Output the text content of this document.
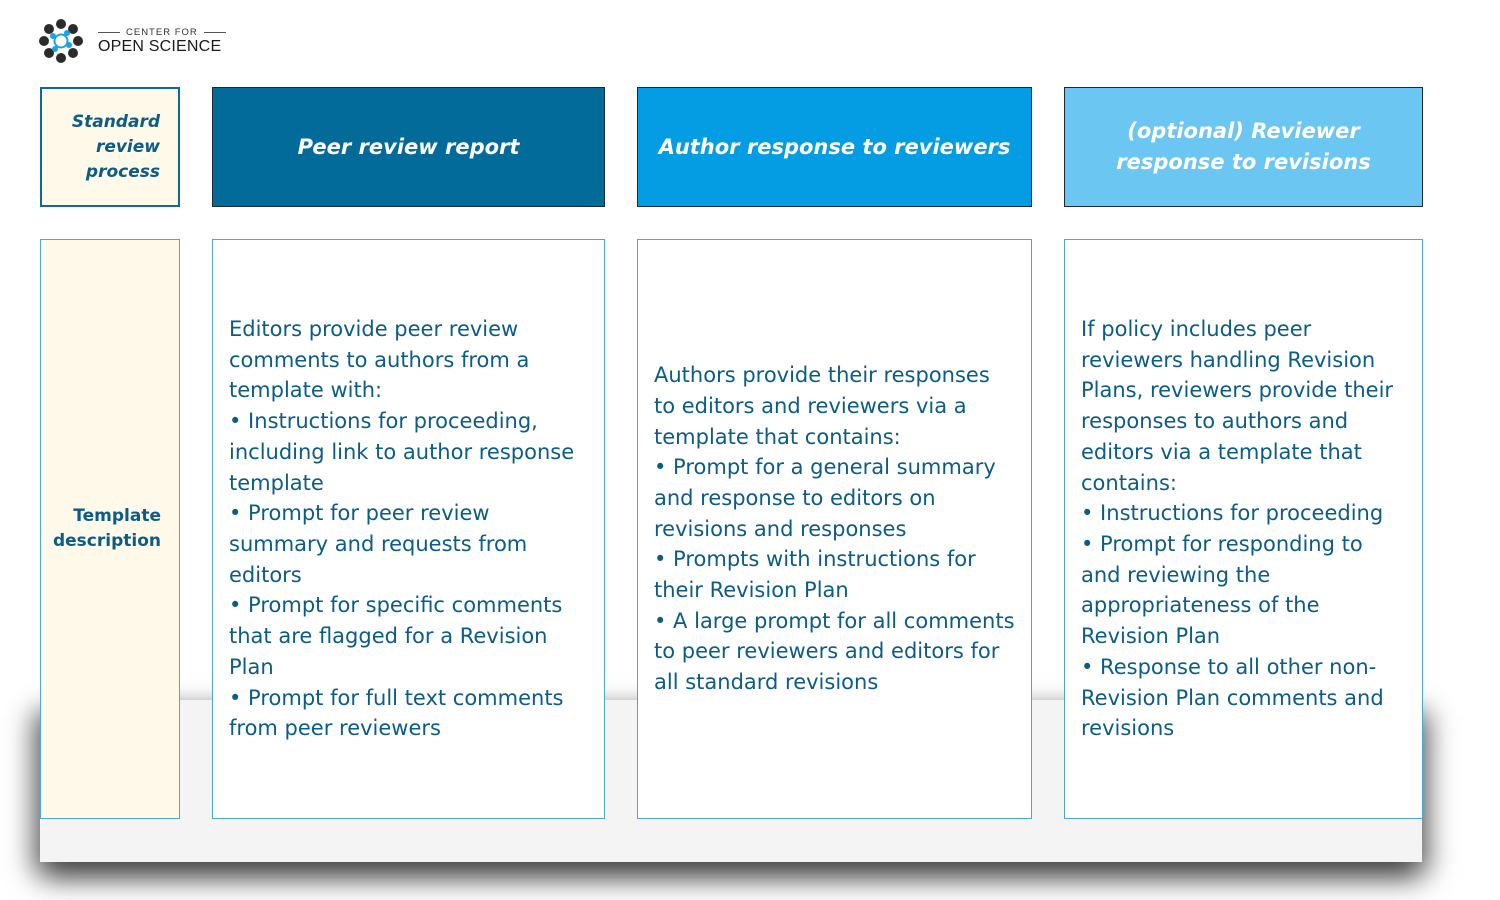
CENTER FOR
OPEN SCIENCE
Standard review process
Peer review report	Author response to reviewers
(optional) Reviewer response to revisions
Template description

Editors provide peer review comments to authors from a template with:

• Instructions for proceeding, including link to author response template

• Prompt for peer review summary and requests from editors

• Prompt for specific comments that are flagged for a Revision Plan

• Prompt for full text comments from peer reviewers

Authors provide their responses to editors and reviewers via a template that contains:

• Prompt for a general summary and response to editors on revisions and responses

• Prompts with instructions for their Revision Plan

• A large prompt for all comments to peer reviewers and editors for all standard revisions

If policy includes peer reviewers handling Revision Plans, reviewers provide their responses to authors and editors via a template that contains:

• Instructions for proceeding

• Prompt for responding to and reviewing the appropriateness of the Revision Plan

• Response to all other non-Revision Plan comments and revisions
